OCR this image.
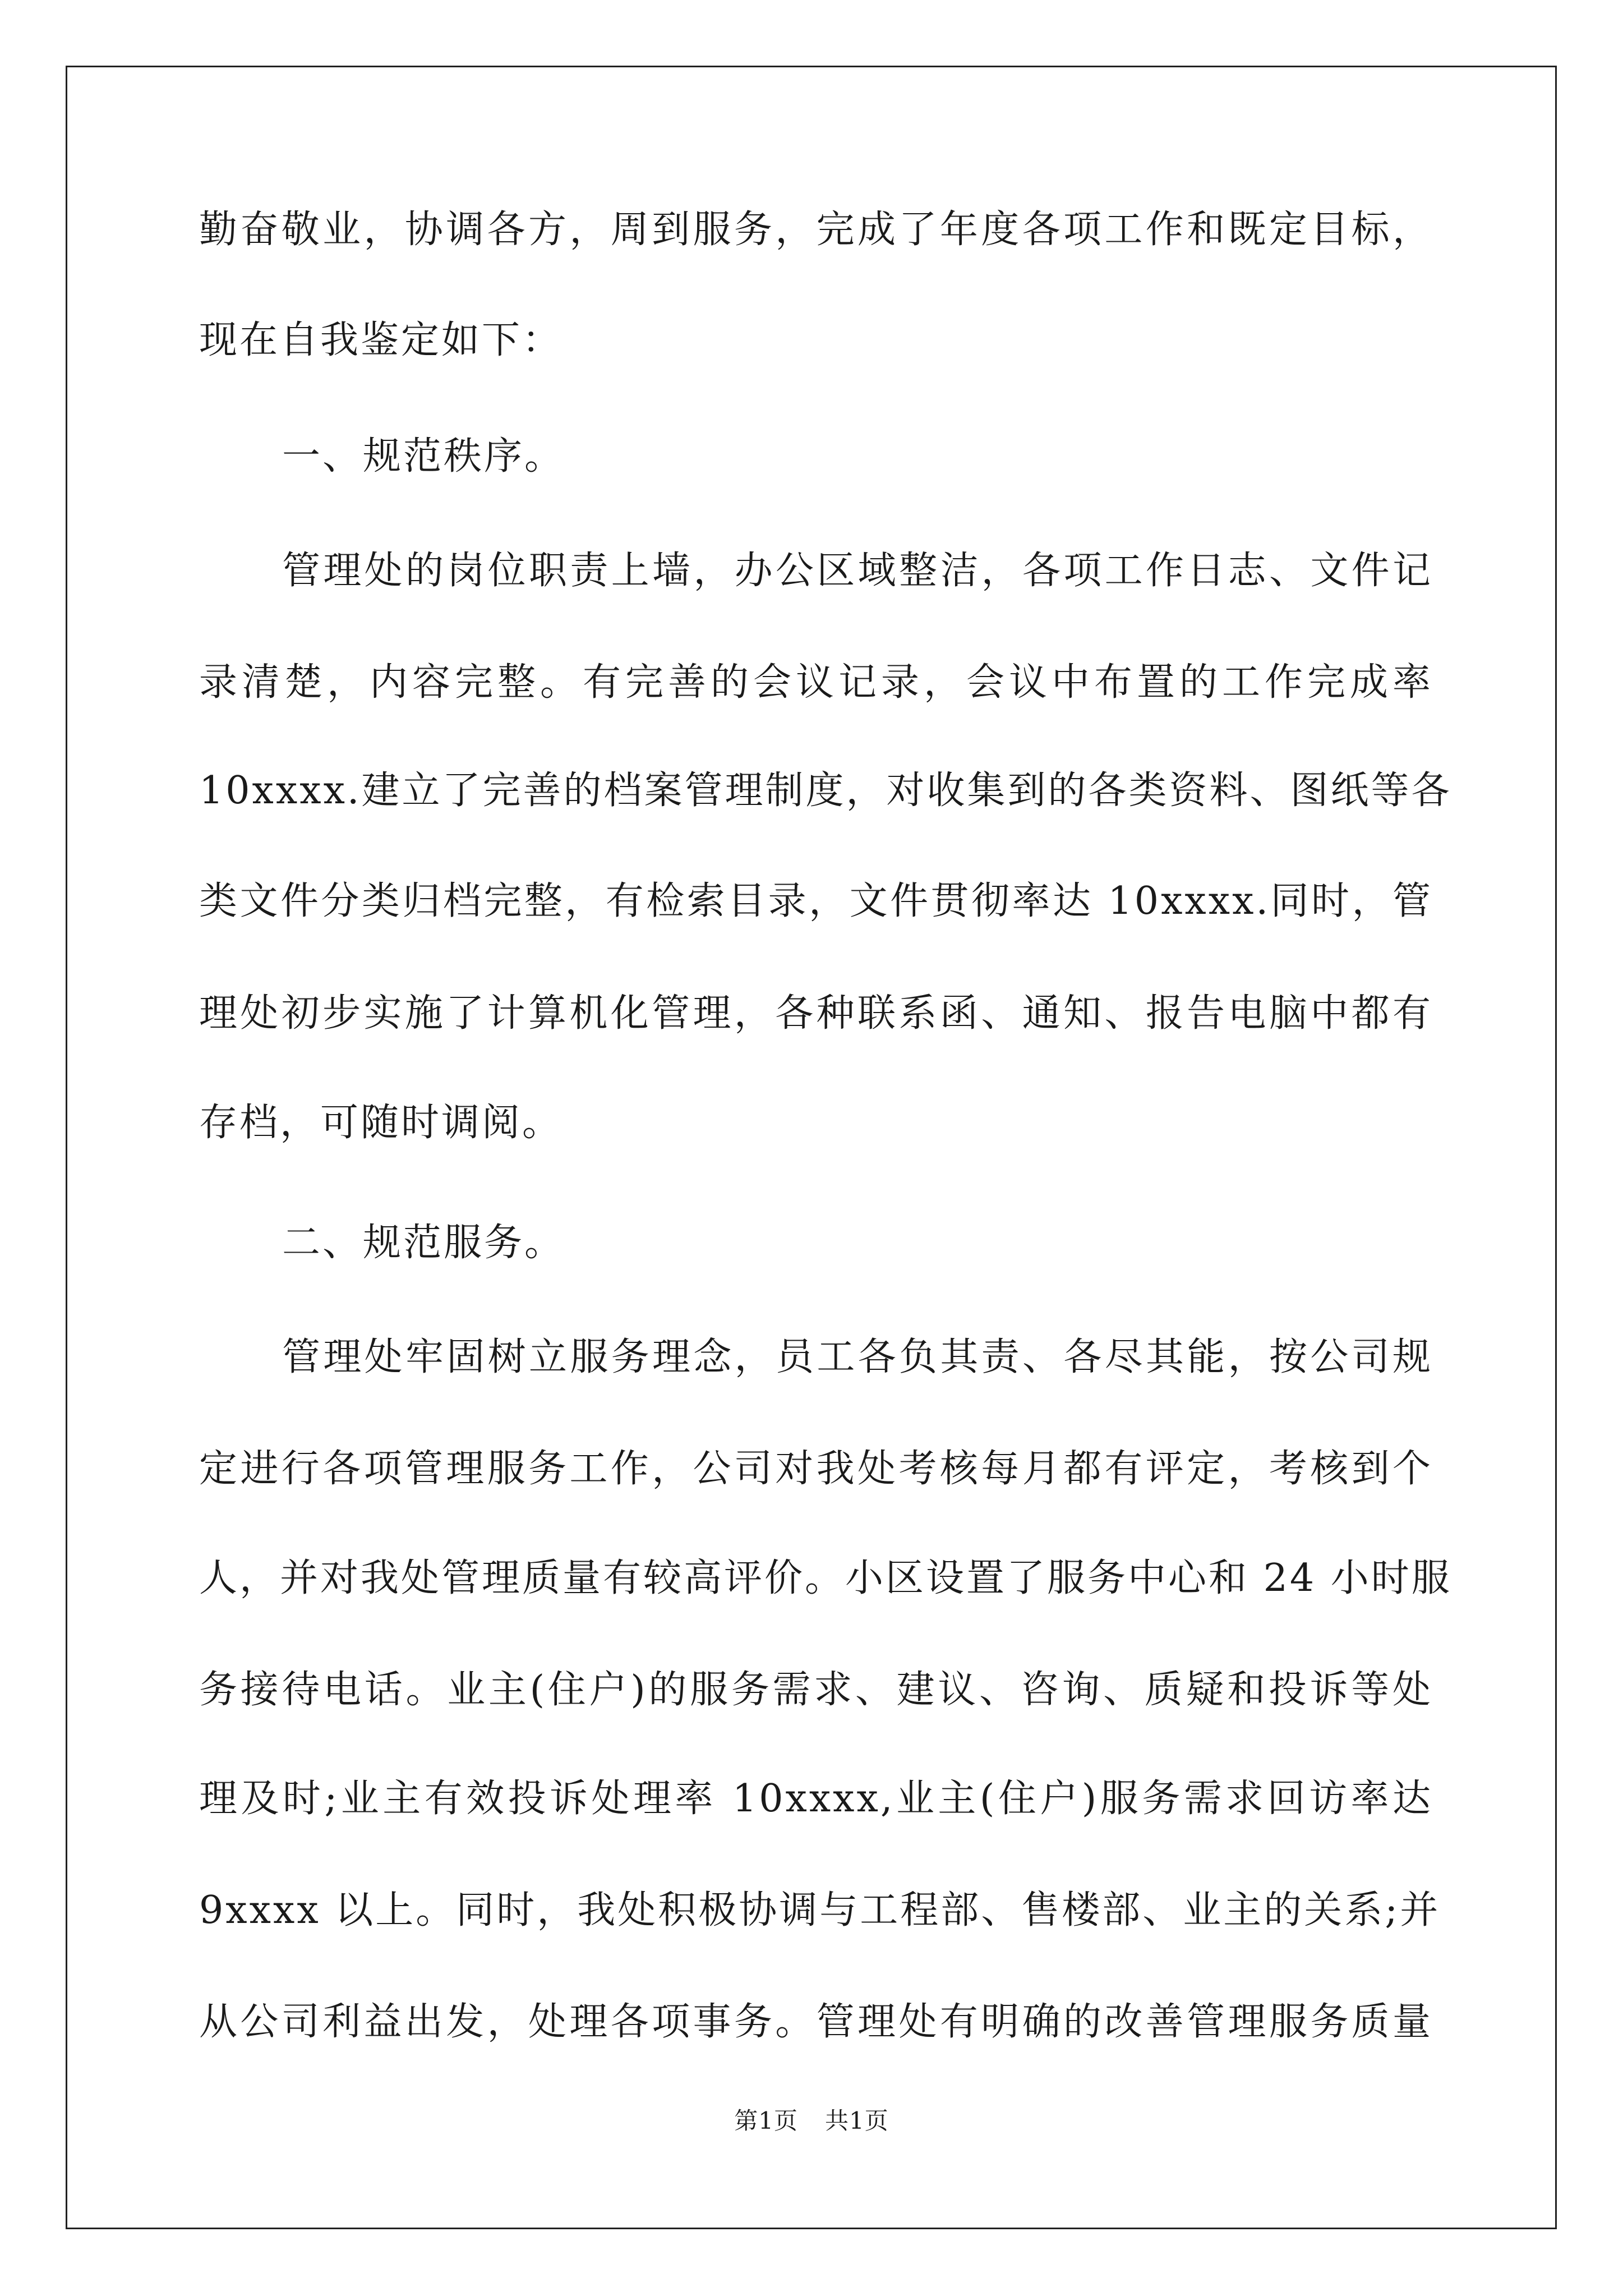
勤奋敬业，协调各方，周到服务，完成了年度各项工作和既定目标，
现在自我鉴定如下：
一、规范秩序。
管理处的岗位职责上墙，办公区域整洁，各项工作日志、文件记
录清楚，内容完整。有完善的会议记录，会议中布置的工作完成率
10xxxx.建立了完善的档案管理制度，对收集到的各类资料、图纸等各
类文件分类归档完整，有检索目录，文件贯彻率达 10xxxx.同时，管
理处初步实施了计算机化管理，各种联系函、通知、报告电脑中都有
存档，可随时调阅。
二、规范服务。
管理处牢固树立服务理念，员工各负其责、各尽其能，按公司规
定进行各项管理服务工作，公司对我处考核每月都有评定，考核到个
人，并对我处管理质量有较高评价。小区设置了服务中心和 24 小时服
务接待电话。业主(住户)的服务需求、建议、咨询、质疑和投诉等处
理及时;业主有效投诉处理率 10xxxx,业主(住户)服务需求回访率达
9xxxx 以上。同时，我处积极协调与工程部、售楼部、业主的关系;并
从公司利益出发，处理各项事务。管理处有明确的改善管理服务质量
第1页 共1页
